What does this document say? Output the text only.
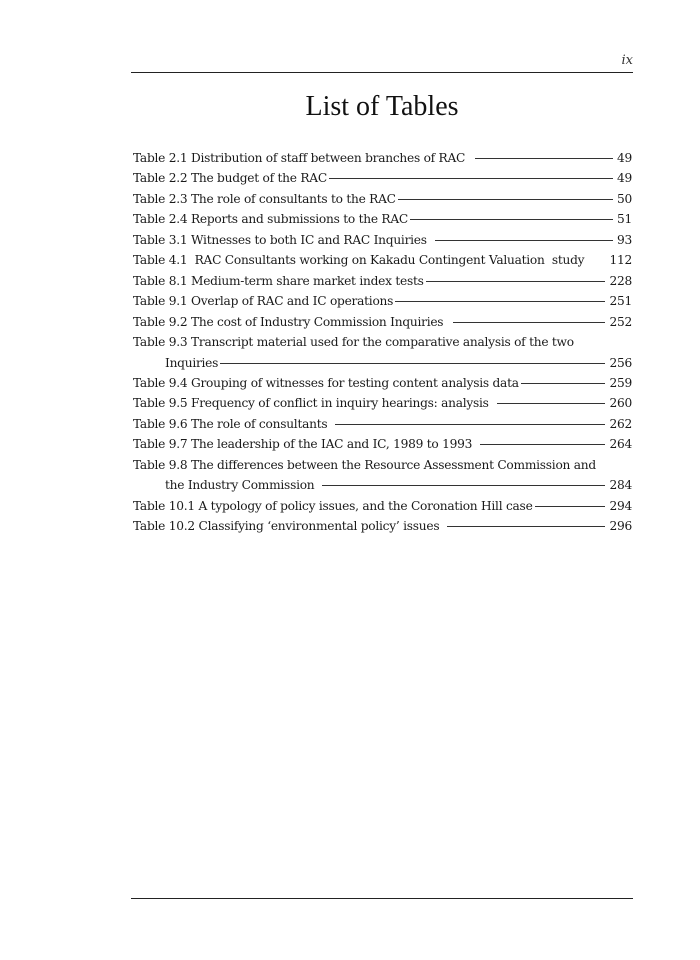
ix
List of Tables
Table 2.1 Distribution of staff between branches of RAC	49
Table 2.2 The budget of the RAC	49
Table 2.3 The role of consultants to the RAC	50
Table 2.4 Reports and submissions to the RAC	51
Table 3.1 Witnesses to both IC and RAC Inquiries	93
Table 4.1  RAC Consultants working on Kakadu Contingent Valuation  study 112
Table 8.1 Medium-term share market index tests	228
Table 9.1 Overlap of RAC and IC operations	251
Table 9.2 The cost of Industry Commission Inquiries	252
Table 9.3 Transcript material used for the comparative analysis of the two
Inquiries	256
Table 9.4 Grouping of witnesses for testing content analysis data	259
Table 9.5 Frequency of conflict in inquiry hearings: analysis	260
Table 9.6 The role of consultants	262
Table 9.7 The leadership of the IAC and IC, 1989 to 1993	264
Table 9.8 The differences between the Resource Assessment Commission and
the Industry Commission	284
Table 10.1 A typology of policy issues, and the Coronation Hill case	294
Table 10.2 Classifying ‘environmental policy’ issues	296
